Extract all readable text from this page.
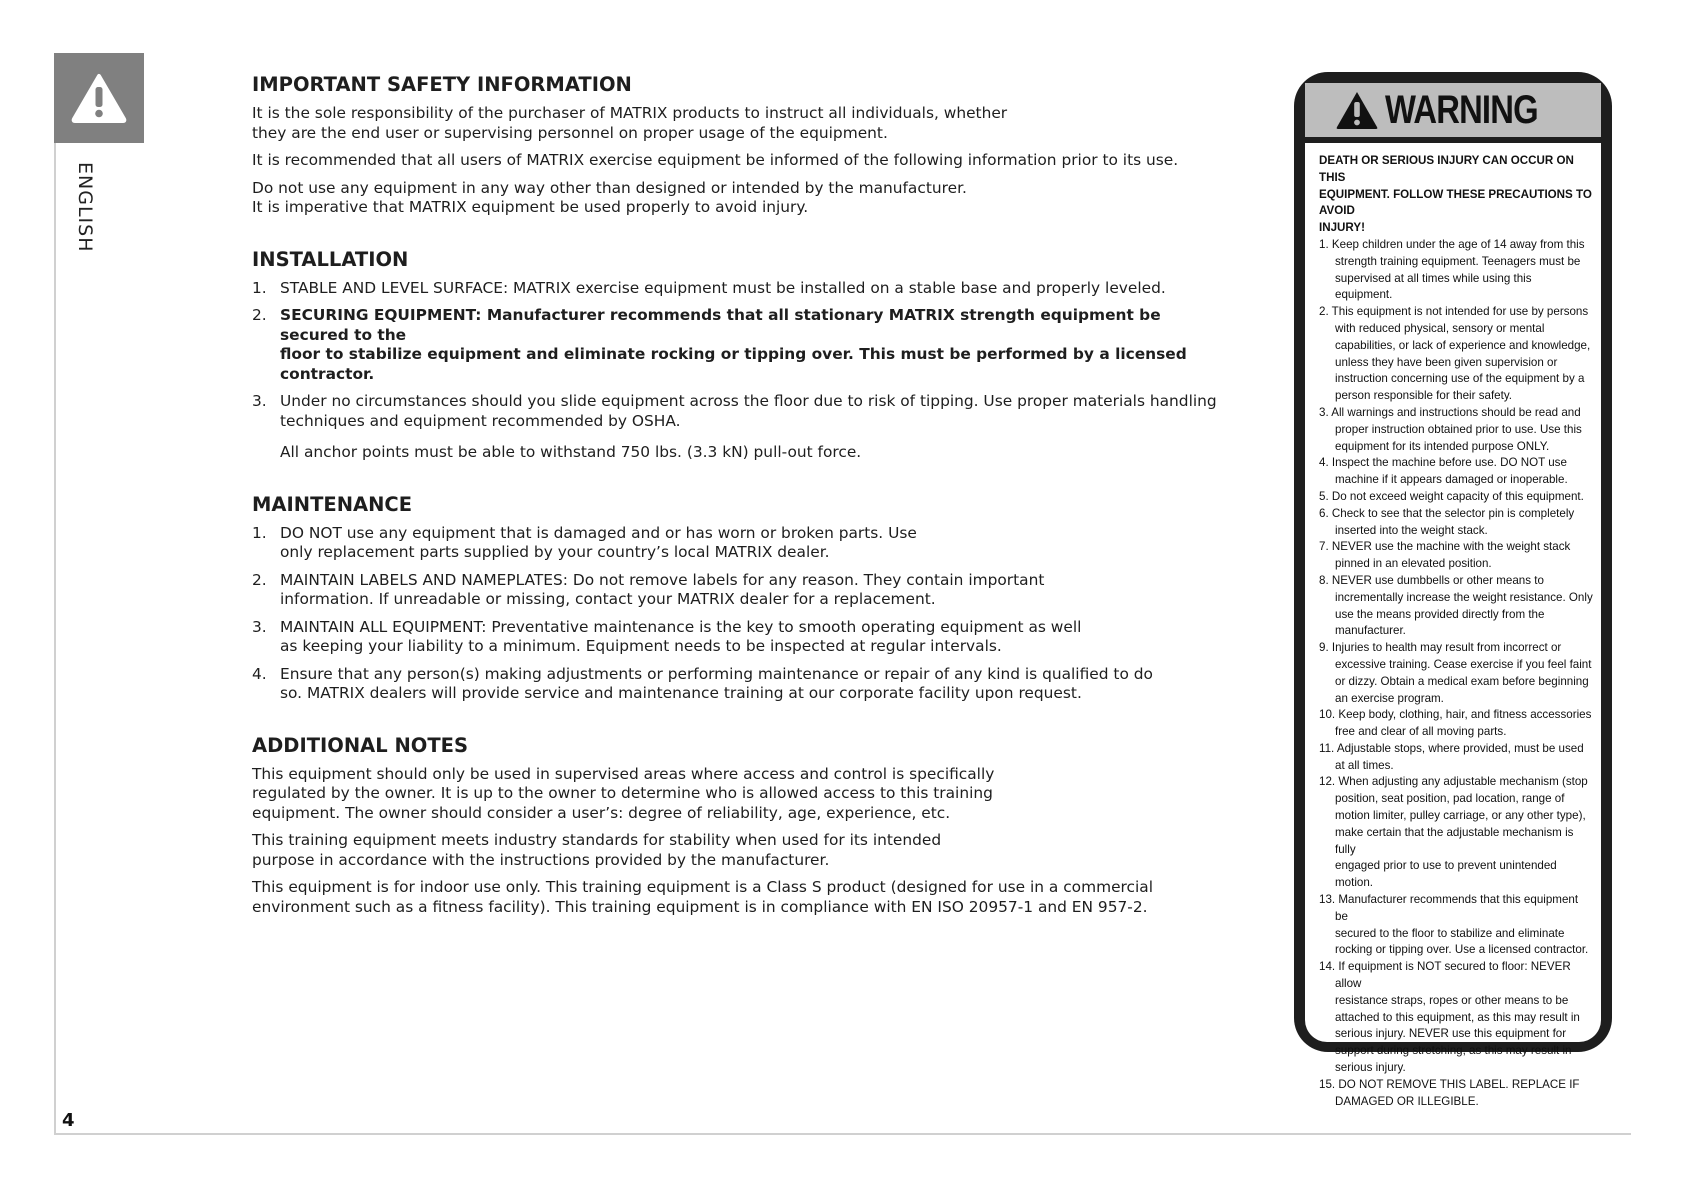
ENGLISH
4
IMPORTANT SAFETY INFORMATION

It is the sole responsibility of the purchaser of MATRIX products to instruct all individuals, whether
they are the end user or supervising personnel on proper usage of the equipment.

It is recommended that all users of MATRIX exercise equipment be informed of the following information prior to its use.

Do not use any equipment in any way other than designed or intended by the manufacturer.
It is imperative that MATRIX equipment be used properly to avoid injury.

INSTALLATION
1. STABLE AND LEVEL SURFACE: MATRIX exercise equipment must be installed on a stable base and properly leveled.
2. SECURING EQUIPMENT: Manufacturer recommends that all stationary MATRIX strength equipment be secured to the
floor to stabilize equipment and eliminate rocking or tipping over. This must be performed by a licensed contractor.
3. Under no circumstances should you slide equipment across the floor due to risk of tipping. Use proper materials handling
techniques and equipment recommended by OSHA.

All anchor points must be able to withstand 750 lbs. (3.3 kN) pull-out force.

MAINTENANCE
1. DO NOT use any equipment that is damaged and or has worn or broken parts. Use
only replacement parts supplied by your country’s local MATRIX dealer.
2. MAINTAIN LABELS AND NAMEPLATES: Do not remove labels for any reason. They contain important
information. If unreadable or missing, contact your MATRIX dealer for a replacement.
3. MAINTAIN ALL EQUIPMENT: Preventative maintenance is the key to smooth operating equipment as well
as keeping your liability to a minimum. Equipment needs to be inspected at regular intervals.
4. Ensure that any person(s) making adjustments or performing maintenance or repair of any kind is qualified to do
so. MATRIX dealers will provide service and maintenance training at our corporate facility upon request.
ADDITIONAL NOTES

This equipment should only be used in supervised areas where access and control is specifically
regulated by the owner. It is up to the owner to determine who is allowed access to this training
equipment. The owner should consider a user’s: degree of reliability, age, experience, etc.

This training equipment meets industry standards for stability when used for its intended
purpose in accordance with the instructions provided by the manufacturer.

This equipment is for indoor use only. This training equipment is a Class S product (designed for use in a commercial
environment such as a fitness facility). This training equipment is in compliance with EN ISO 20957-1 and EN 957-2.

WARNING
DEATH OR SERIOUS INJURY CAN OCCUR ON THIS
EQUIPMENT. FOLLOW THESE PRECAUTIONS TO AVOID
INJURY!
1. Keep children under the age of 14 away from this
strength training equipment. Teenagers must be
supervised at all times while using this
equipment.
2. This equipment is not intended for use by persons
with reduced physical, sensory or mental
capabilities, or lack of experience and knowledge,
unless they have been given supervision or
instruction concerning use of the equipment by a
person responsible for their safety.
3. All warnings and instructions should be read and
proper instruction obtained prior to use. Use this
equipment for its intended purpose ONLY.
4. Inspect the machine before use. DO NOT use
machine if it appears damaged or inoperable.
5. Do not exceed weight capacity of this equipment.
6. Check to see that the selector pin is completely
inserted into the weight stack.
7. NEVER use the machine with the weight stack
pinned in an elevated position.
8. NEVER use dumbbells or other means to
incrementally increase the weight resistance. Only
use the means provided directly from the
manufacturer.
9. Injuries to health may result from incorrect or
excessive training. Cease exercise if you feel faint
or dizzy. Obtain a medical exam before beginning
an exercise program.
10. Keep body, clothing, hair, and fitness accessories
free and clear of all moving parts.
11. Adjustable stops, where provided, must be used
at all times.
12. When adjusting any adjustable mechanism (stop
position, seat position, pad location, range of
motion limiter, pulley carriage, or any other type),
make certain that the adjustable mechanism is fully
engaged prior to use to prevent unintended motion.
13. Manufacturer recommends that this equipment be
secured to the floor to stabilize and eliminate
rocking or tipping over. Use a licensed contractor.
14. If equipment is NOT secured to floor: NEVER allow
resistance straps, ropes or other means to be
attached to this equipment, as this may result in
serious injury. NEVER use this equipment for
support during stretching, as this may result in
serious injury.
15. DO NOT REMOVE THIS LABEL. REPLACE IF
DAMAGED OR ILLEGIBLE.
